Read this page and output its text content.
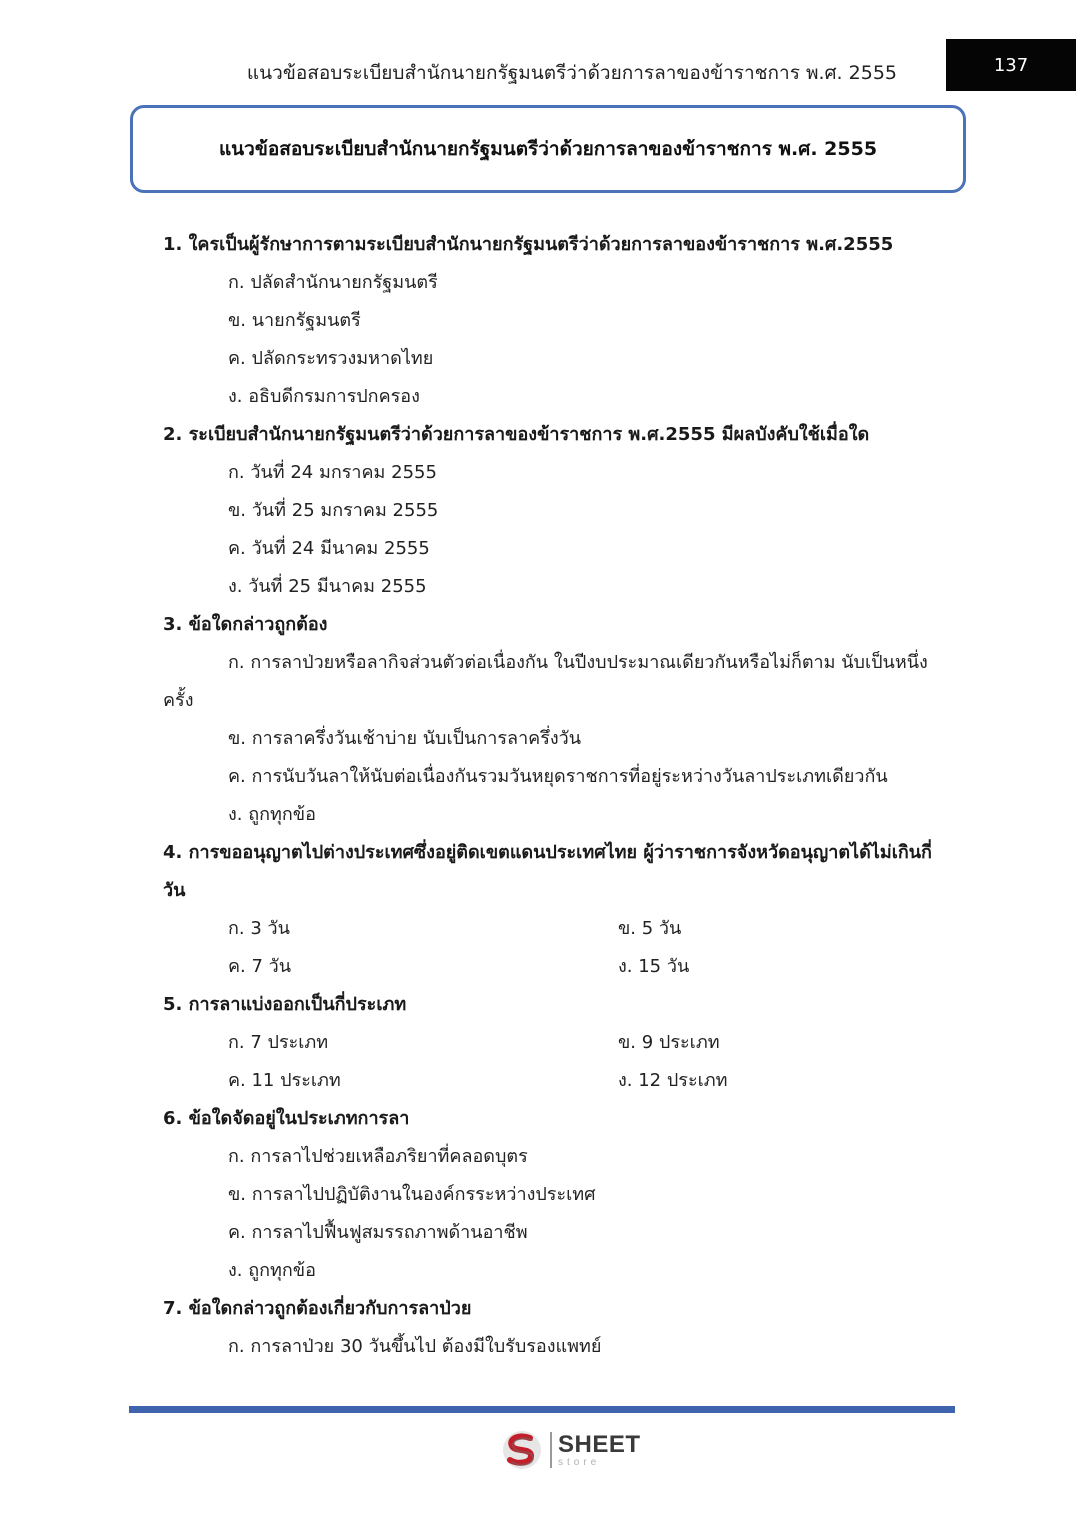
แนวข้อสอบระเบียบสำนักนายกรัฐมนตรีว่าด้วยการลาของข้าราชการ พ.ศ. 2555	137
แนวข้อสอบระเบียบสำนักนายกรัฐมนตรีว่าด้วยการลาของข้าราชการ พ.ศ. 2555
1. ใครเป็นผู้รักษาการตามระเบียบสำนักนายกรัฐมนตรีว่าด้วยการลาของข้าราชการ พ.ศ.2555
ก. ปลัดสำนักนายกรัฐมนตรี
ข. นายกรัฐมนตรี
ค. ปลัดกระทรวงมหาดไทย
ง. อธิบดีกรมการปกครอง
2. ระเบียบสำนักนายกรัฐมนตรีว่าด้วยการลาของข้าราชการ พ.ศ.2555 มีผลบังคับใช้เมื่อใด
ก. วันที่ 24 มกราคม 2555
ข. วันที่ 25 มกราคม 2555
ค. วันที่ 24 มีนาคม 2555
ง. วันที่ 25 มีนาคม 2555
3. ข้อใดกล่าวถูกต้อง
ก. การลาป่วยหรือลากิจส่วนตัวต่อเนื่องกัน ในปีงบประมาณเดียวกันหรือไม่ก็ตาม นับเป็นหนึ่ง
ครั้ง
ข. การลาครึ่งวันเช้าบ่าย นับเป็นการลาครึ่งวัน
ค. การนับวันลาให้นับต่อเนื่องกันรวมวันหยุดราชการที่อยู่ระหว่างวันลาประเภทเดียวกัน
ง. ถูกทุกข้อ
4. การขออนุญาตไปต่างประเทศซึ่งอยู่ติดเขตแดนประเทศไทย ผู้ว่าราชการจังหวัดอนุญาตได้ไม่เกินกี่
วัน
ก. 3 วัน	ข. 5 วัน
ค. 7 วัน	ง. 15 วัน
5. การลาแบ่งออกเป็นกี่ประเภท
ก. 7 ประเภท	ข. 9 ประเภท
ค. 11 ประเภท	ง. 12 ประเภท
6. ข้อใดจัดอยู่ในประเภทการลา
ก. การลาไปช่วยเหลือภริยาที่คลอดบุตร
ข. การลาไปปฏิบัติงานในองค์กรระหว่างประเทศ
ค. การลาไปฟื้นฟูสมรรถภาพด้านอาชีพ
ง. ถูกทุกข้อ
7. ข้อใดกล่าวถูกต้องเกี่ยวกับการลาป่วย
ก. การลาป่วย 30 วันขึ้นไป ต้องมีใบรับรองแพทย์
SHEET
store
